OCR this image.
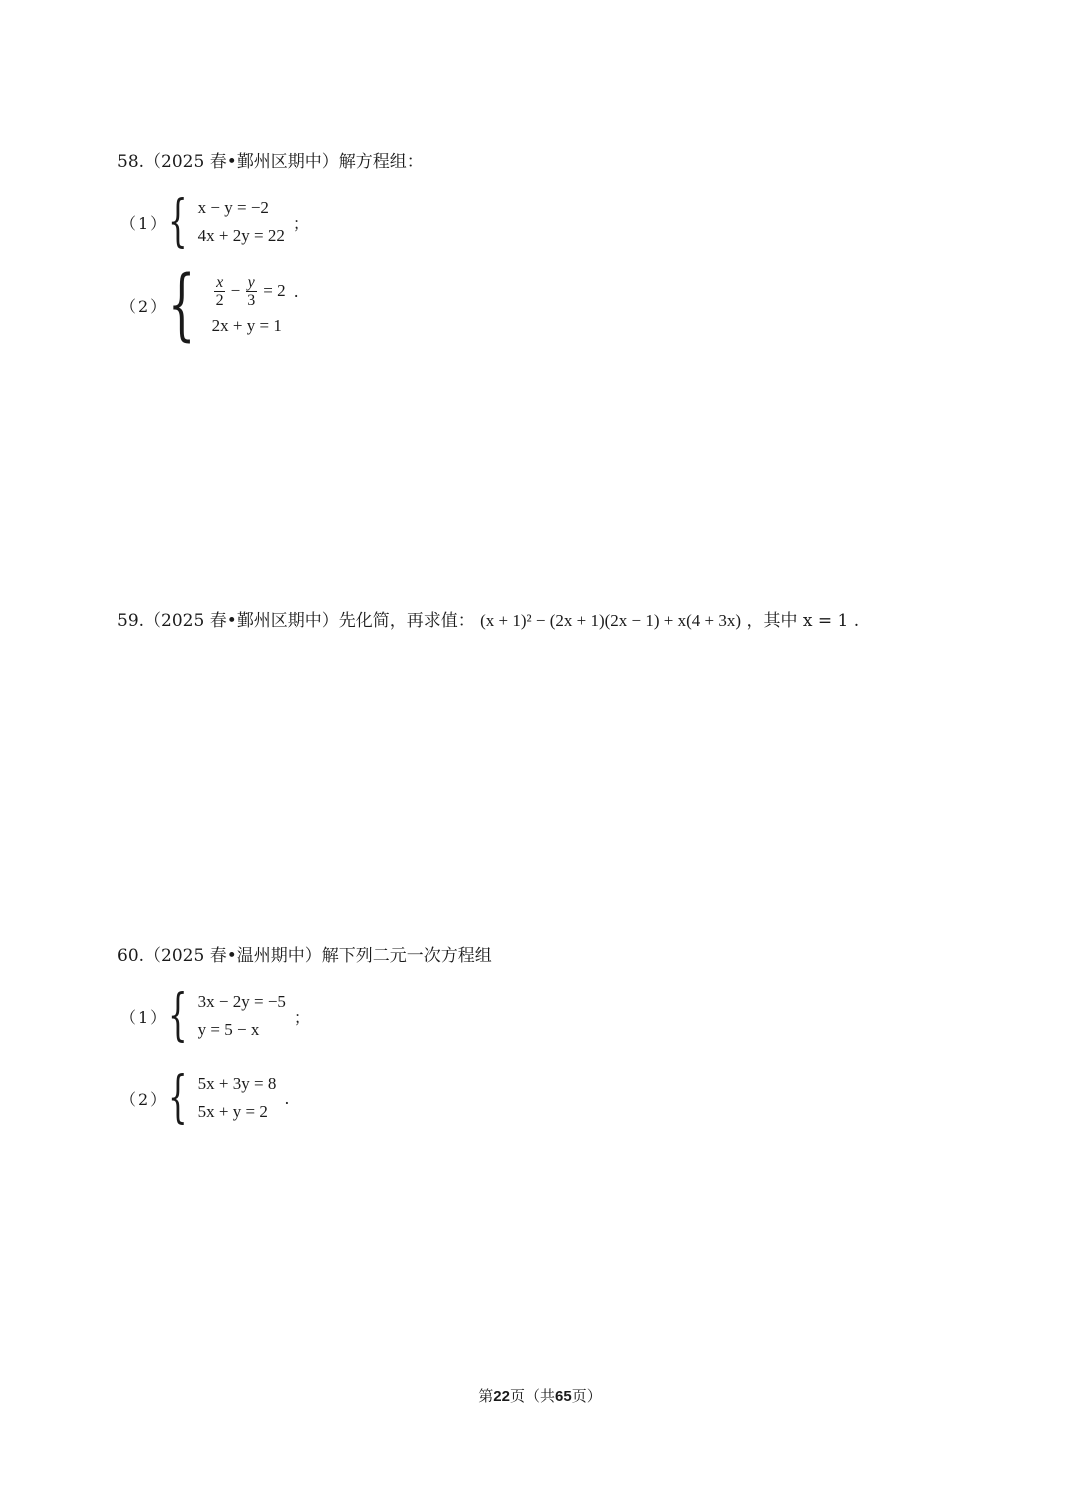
58.（2025 春•鄞州区期中）解方程组：
（1） { x − y = −2
4x + 2y = 22
；
（2） { $\frac{x}{2} - \frac{y}{3} = 2$
2x + y = 1
.
59.（2025 春•鄞州区期中）先化简，再求值： (x + 1)² − (2x + 1)(2x − 1) + x(4 + 3x) ，其中 x = 1 .
60.（2025 春•温州期中）解下列二元一次方程组
（1） { 3x − 2y = −5
y = 5 − x
；
（2） { 5x + 3y = 8
5x + y = 2
.
第22页（共65页）
